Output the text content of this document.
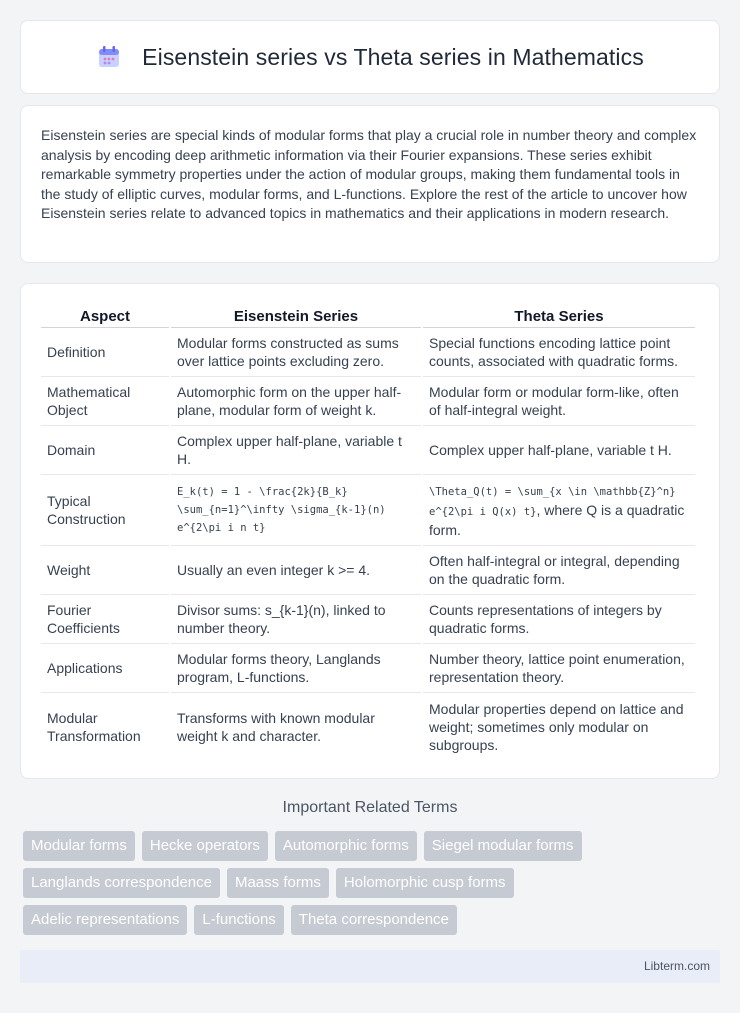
Eisenstein series vs Theta series in Mathematics

Eisenstein series are special kinds of modular forms that play a crucial role in number theory and complex analysis by encoding deep arithmetic information via their Fourier expansions. These series exhibit remarkable symmetry properties under the action of modular groups, making them fundamental tools in the study of elliptic curves, modular forms, and L-functions. Explore the rest of the article to uncover how Eisenstein series relate to advanced topics in mathematics and their applications in modern research.

Aspect	Eisenstein Series	Theta Series
Definition	Modular forms constructed as sums over lattice points excluding zero.	Special functions encoding lattice point counts, associated with quadratic forms.
Mathematical Object	Automorphic form on the upper half-plane, modular form of weight k.	Modular form or modular form-like, often of half-integral weight.
Domain	Complex upper half-plane, variable t H.	Complex upper half-plane, variable t H.
Typical Construction	E_k(t) = 1 - \frac{2k}{B_k} \sum_{n=1}^\infty \sigma_{k-1}(n) e^{2\pi i n t}	\Theta_Q(t) = \sum_{x \in \mathbb{Z}^n} e^{2\pi i Q(x) t}, where Q is a quadratic form.
Weight	Usually an even integer k >= 4.	Often half-integral or integral, depending on the quadratic form.
Fourier Coefficients	Divisor sums: s_{k-1}(n), linked to number theory.	Counts representations of integers by quadratic forms.
Applications	Modular forms theory, Langlands program, L-functions.	Number theory, lattice point enumeration, representation theory.
Modular Transformation	Transforms with known modular weight k and character.	Modular properties depend on lattice and weight; sometimes only modular on subgroups.
Important Related Terms
Modular forms	Hecke operators	Automorphic forms	Siegel modular forms
Langlands correspondence	Maass forms	Holomorphic cusp forms
Adelic representations	L-functions	Theta correspondence
Libterm.com
